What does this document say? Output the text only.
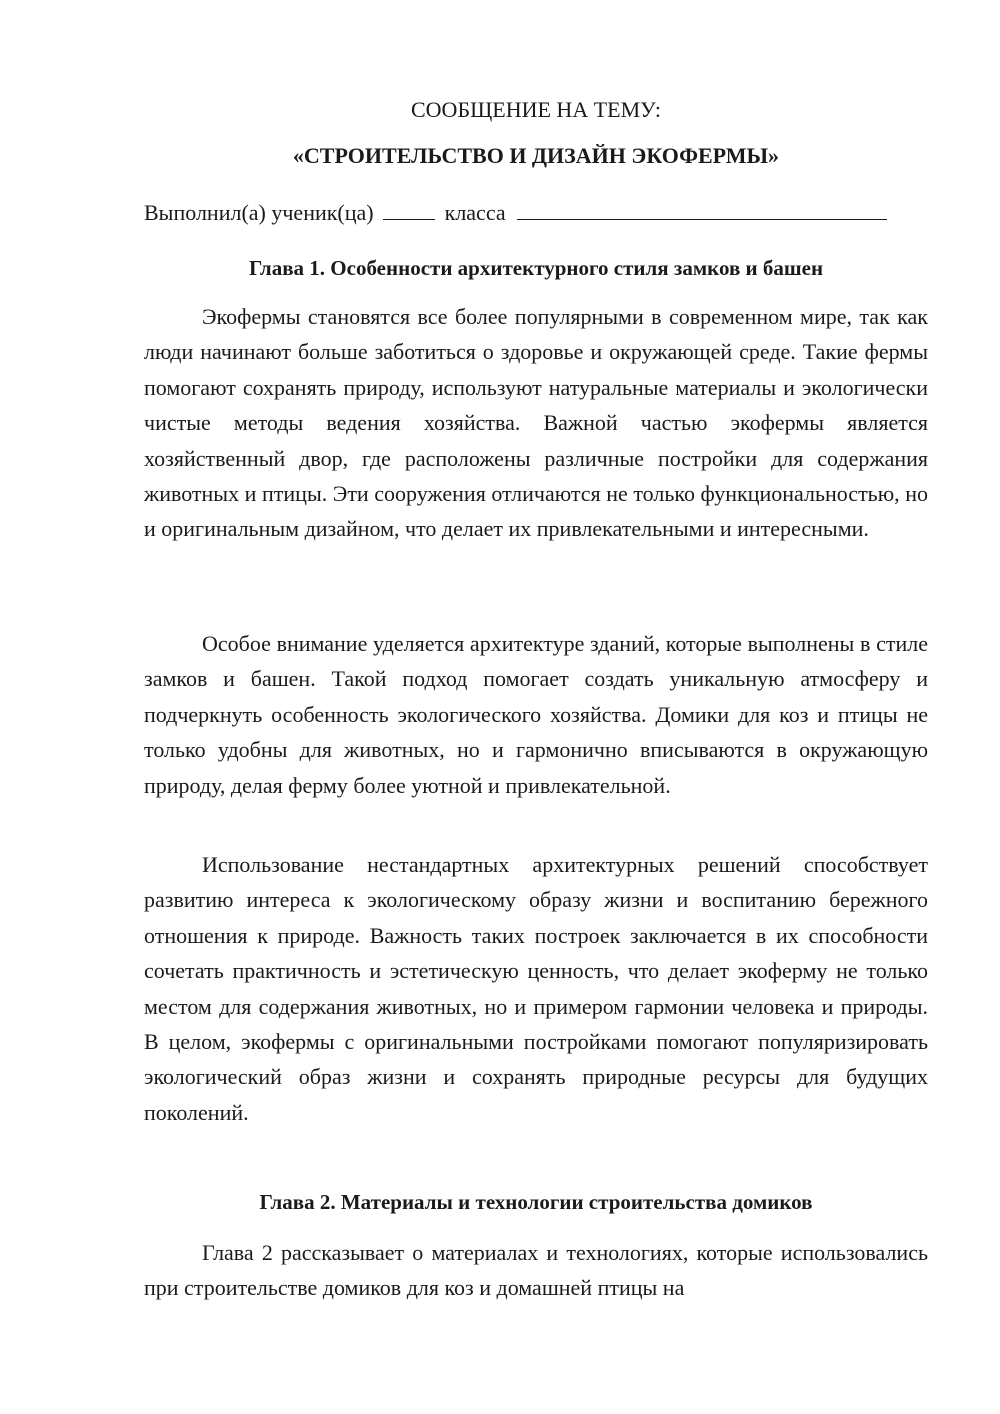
СООБЩЕНИЕ НА ТЕМУ:
«СТРОИТЕЛЬСТВО И ДИЗАЙН ЭКОФЕРМЫ»
Выполнил(а) ученик(ца)	класса
Глава 1. Особенности архитектурного стиля замков и башен

Экофермы становятся все более популярными в современном мире, так как люди начинают больше заботиться о здоровье и окружающей среде. Такие фермы помогают сохранять природу, используют натуральные материалы и экологически чистые методы ведения хозяйства. Важной частью экофермы является хозяйственный двор, где расположены различные постройки для содержания животных и птицы. Эти сооружения отличаются не только функциональностью, но и оригинальным дизайном, что делает их привлекательными и интересными.

Особое внимание уделяется архитектуре зданий, которые выполнены в стиле замков и башен. Такой подход помогает создать уникальную атмосферу и подчеркнуть особенность экологического хозяйства. Домики для коз и птицы не только удобны для животных, но и гармонично вписываются в окружающую природу, делая ферму более уютной и привлекательной.

Использование нестандартных архитектурных решений способствует развитию интереса к экологическому образу жизни и воспитанию бережного отношения к природе. Важность таких построек заключается в их способности сочетать практичность и эстетическую ценность, что делает экоферму не только местом для содержания животных, но и примером гармонии человека и природы. В целом, экофермы с оригинальными постройками помогают популяризировать экологический образ жизни и сохранять природные ресурсы для будущих поколений.

Глава 2. Материалы и технологии строительства домиков

Глава 2 рассказывает о материалах и технологиях, которые использовались при строительстве домиков для коз и домашней птицы на
